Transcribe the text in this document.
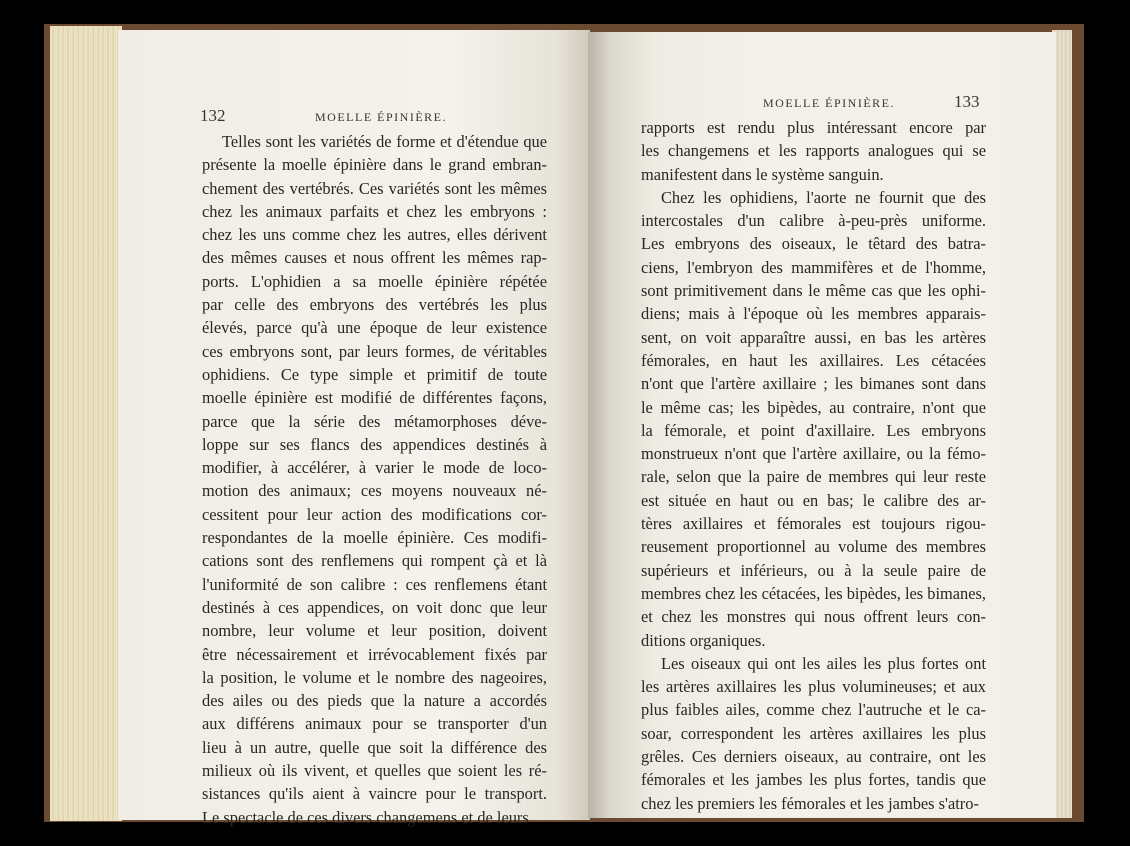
132	MOELLE ÉPINIÈRE.
Telles sont les variétés de forme et d'étendue que
présente la moelle épinière dans le grand embran-
chement des vertébrés. Ces variétés sont les mêmes
chez les animaux parfaits et chez les embryons :
chez les uns comme chez les autres, elles dérivent
des mêmes causes et nous offrent les mêmes rap-
ports. L'ophidien a sa moelle épinière répétée
par celle des embryons des vertébrés les plus
élevés, parce qu'à une époque de leur existence
ces embryons sont, par leurs formes, de véritables
ophidiens. Ce type simple et primitif de toute
moelle épinière est modifié de différentes façons,
parce que la série des métamorphoses déve-
loppe sur ses flancs des appendices destinés à
modifier, à accélérer, à varier le mode de loco-
motion des animaux; ces moyens nouveaux né-
cessitent pour leur action des modifications cor-
respondantes de la moelle épinière. Ces modifi-
cations sont des renflemens qui rompent çà et là
l'uniformité de son calibre : ces renflemens étant
destinés à ces appendices, on voit donc que leur
nombre, leur volume et leur position, doivent
être nécessairement et irrévocablement fixés par
la position, le volume et le nombre des nageoires,
des ailes ou des pieds que la nature a accordés
aux différens animaux pour se transporter d'un
lieu à un autre, quelle que soit la différence des
milieux où ils vivent, et quelles que soient les ré-
sistances qu'ils aient à vaincre pour le transport.
Le spectacle de ces divers changemens et de leurs
MOELLE ÉPINIÈRE.	133
rapports est rendu plus intéressant encore par
les changemens et les rapports analogues qui se
manifestent dans le système sanguin.
Chez les ophidiens, l'aorte ne fournit que des
intercostales d'un calibre à-peu-près uniforme.
Les embryons des oiseaux, le têtard des batra-
ciens, l'embryon des mammifères et de l'homme,
sont primitivement dans le même cas que les ophi-
diens; mais à l'époque où les membres apparais-
sent, on voit apparaître aussi, en bas les artères
fémorales, en haut les axillaires. Les cétacées
n'ont que l'artère axillaire ; les bimanes sont dans
le même cas; les bipèdes, au contraire, n'ont que
la fémorale, et point d'axillaire. Les embryons
monstrueux n'ont que l'artère axillaire, ou la fémo-
rale, selon que la paire de membres qui leur reste
est située en haut ou en bas; le calibre des ar-
tères axillaires et fémorales est toujours rigou-
reusement proportionnel au volume des membres
supérieurs et inférieurs, ou à la seule paire de
membres chez les cétacées, les bipèdes, les bimanes,
et chez les monstres qui nous offrent leurs con-
ditions organiques.
Les oiseaux qui ont les ailes les plus fortes ont
les artères axillaires les plus volumineuses; et aux
plus faibles ailes, comme chez l'autruche et le ca-
soar, correspondent les artères axillaires les plus
grêles. Ces derniers oiseaux, au contraire, ont les
fémorales et les jambes les plus fortes, tandis que
chez les premiers les fémorales et les jambes s'atro-
